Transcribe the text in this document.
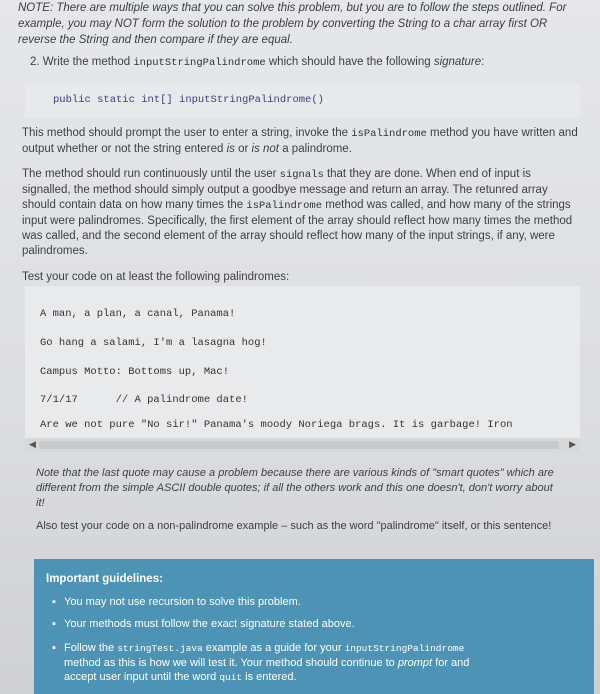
NOTE: There are multiple ways that you can solve this problem, but you are to follow the steps outlined. For example, you may NOT form the solution to the problem by converting the String to a char array first OR reverse the String and then compare if they are equal.
2. Write the method inputStringPalindrome which should have the following signature:
public static int[] inputStringPalindrome()
This method should prompt the user to enter a string, invoke the isPalindrome method you have written and output whether or not the string entered is or is not a palindrome.
The method should run continuously until the user signals that they are done. When end of input is signalled, the method should simply output a goodbye message and return an array. The retunred array should contain data on how many times the isPalindrome method was called, and how many of the strings input were palindromes. Specifically, the first element of the array should reflect how many times the method was called, and the second element of the array should reflect how many of the input strings, if any, were palindromes.
Test your code on at least the following palindromes:
A man, a plan, a canal, Panama!
Go hang a salami, I'm a lasagna hog!
Campus Motto: Bottoms up, Mac!
7/1/17      // A palindrome date!
Are we not pure "No sir!" Panama's moody Noriega brags. It is garbage! Iron
◀	▶
Note that the last quote may cause a problem because there are various kinds of "smart quotes" which are different from the simple ASCII double quotes; if all the others work and this one doesn't, don't worry about it!
Also test your code on a non-palindrome example – such as the word "palindrome" itself, or this sentence!
Important guidelines:
▪ You may not use recursion to solve this problem.
▪ Your methods must follow the exact signature stated above.
▪ Follow the stringTest.java example as a guide for your inputStringPalindrome method as this is how we will test it. Your method should continue to prompt for and accept user input until the word quit is entered.
